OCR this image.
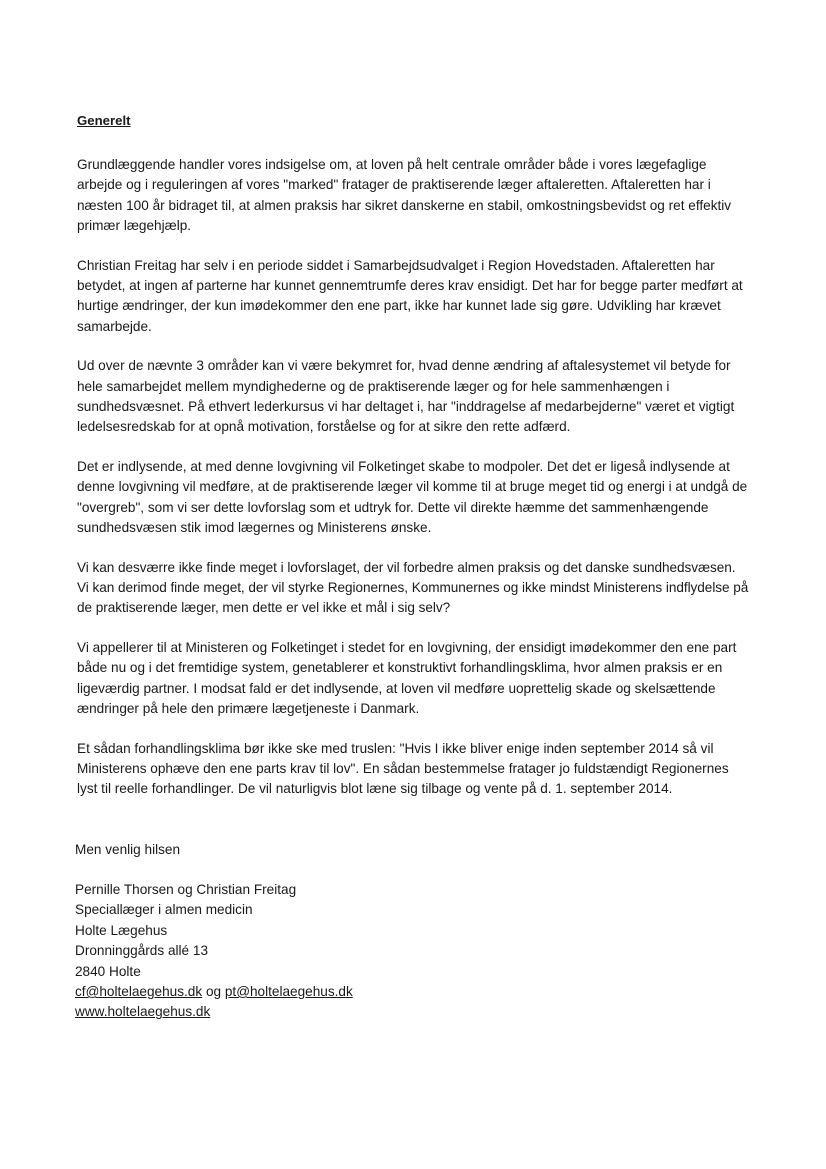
Generelt

Grundlæggende handler vores indsigelse om, at loven på helt centrale områder både i vores lægefaglige arbejde og i reguleringen af vores "marked" fratager de praktiserende læger aftaleretten. Aftaleretten har i næsten 100 år bidraget til, at almen praksis har sikret danskerne en stabil, omkostningsbevidst og ret effektiv primær lægehjælp.

Christian Freitag har selv i en periode siddet i Samarbejdsudvalget i Region Hovedstaden. Aftaleretten har betydet, at ingen af parterne har kunnet gennemtrumfe deres krav ensidigt. Det har for begge parter medført at hurtige ændringer, der kun imødekommer den ene part, ikke har kunnet lade sig gøre. Udvikling har krævet samarbejde.

Ud over de nævnte 3 områder kan vi være bekymret for, hvad denne ændring af aftalesystemet vil betyde for hele samarbejdet mellem myndighederne og de praktiserende læger og for hele sammenhængen i sundhedsvæsnet. På ethvert lederkursus vi har deltaget i, har "inddragelse af medarbejderne" været et vigtigt ledelsesredskab for at opnå motivation, forståelse og for at sikre den rette adfærd.

Det er indlysende, at med denne lovgivning vil Folketinget skabe to modpoler. Det det er ligeså indlysende at denne lovgivning vil medføre, at de praktiserende læger vil komme til at bruge meget tid og energi i at undgå de "overgreb", som vi ser dette lovforslag som et udtryk for. Dette vil direkte hæmme det sammenhængende sundhedsvæsen stik imod lægernes og Ministerens ønske.

Vi kan desværre ikke finde meget i lovforslaget, der vil forbedre almen praksis og det danske sundhedsvæsen. Vi kan derimod finde meget, der vil styrke Regionernes, Kommunernes og ikke mindst Ministerens indflydelse på de praktiserende læger, men dette er vel ikke et mål i sig selv?

Vi appellerer til at Ministeren og Folketinget i stedet for en lovgivning, der ensidigt imødekommer den ene part både nu og i det fremtidige system, genetablerer et konstruktivt forhandlingsklima, hvor almen praksis er en ligeværdig partner. I modsat fald er det indlysende, at loven vil medføre uoprettelig skade og skelsættende ændringer på hele den primære lægetjeneste i Danmark.

Et sådan forhandlingsklima bør ikke ske med truslen: "Hvis I ikke bliver enige inden september 2014 så vil Ministerens ophæve den ene parts krav til lov". En sådan bestemmelse fratager jo fuldstændigt Regionernes lyst til reelle forhandlinger. De vil naturligvis blot læne sig tilbage og vente på d. 1. september 2014.

Men venlig hilsen
Pernille Thorsen og Christian Freitag
Speciallæger i almen medicin
Holte Lægehus
Dronninggårds allé 13
2840 Holte
cf@holtelaegehus.dk og pt@holtelaegehus.dk
www.holtelaegehus.dk
